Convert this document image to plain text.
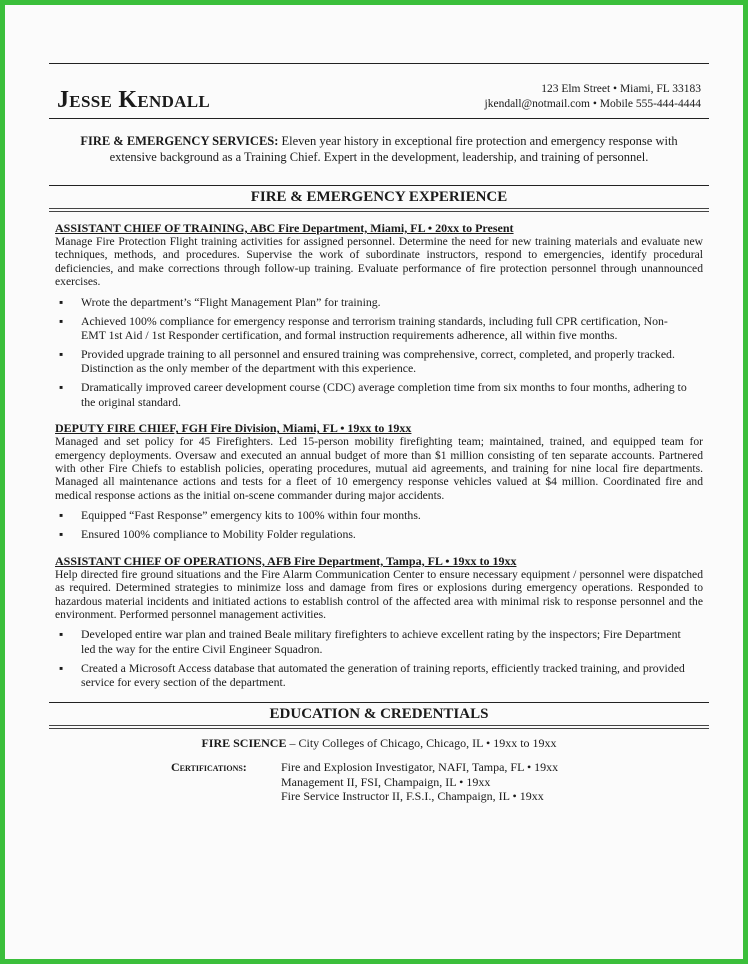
Jesse Kendall	123 Elm Street • Miami, FL 33183
jkendall@notmail.com • Mobile 555-444-4444
FIRE & EMERGENCY SERVICES: Eleven year history in exceptional fire protection and emergency response with extensive background as a Training Chief. Expert in the development, leadership, and training of personnel.
FIRE & EMERGENCY EXPERIENCE
ASSISTANT CHIEF OF TRAINING, ABC Fire Department, Miami, FL • 20xx to Present
Manage Fire Protection Flight training activities for assigned personnel. Determine the need for new training materials and evaluate new techniques, methods, and procedures. Supervise the work of subordinate instructors, respond to emergencies, identify procedural deficiencies, and make corrections through follow-up training. Evaluate performance of fire protection personnel through unannounced exercises.
▪ Wrote the department’s “Flight Management Plan” for training.
▪ Achieved 100% compliance for emergency response and terrorism training standards, including full CPR certification, Non-EMT 1st Aid / 1st Responder certification, and formal instruction requirements adherence, all within five months.
▪ Provided upgrade training to all personnel and ensured training was comprehensive, correct, completed, and properly tracked. Distinction as the only member of the department with this experience.
▪ Dramatically improved career development course (CDC) average completion time from six months to four months, adhering to the original standard.
DEPUTY FIRE CHIEF, FGH Fire Division, Miami, FL • 19xx to 19xx
Managed and set policy for 45 Firefighters. Led 15-person mobility firefighting team; maintained, trained, and equipped team for emergency deployments. Oversaw and executed an annual budget of more than $1 million consisting of ten separate accounts. Partnered with other Fire Chiefs to establish policies, operating procedures, mutual aid agreements, and training for nine local fire departments. Managed all maintenance actions and tests for a fleet of 10 emergency response vehicles valued at $4 million. Coordinated fire and medical response actions as the initial on-scene commander during major accidents.
▪ Equipped “Fast Response” emergency kits to 100% within four months.
▪ Ensured 100% compliance to Mobility Folder regulations.
ASSISTANT CHIEF OF OPERATIONS, AFB Fire Department, Tampa, FL • 19xx to 19xx
Help directed fire ground situations and the Fire Alarm Communication Center to ensure necessary equipment / personnel were dispatched as required. Determined strategies to minimize loss and damage from fires or explosions during emergency operations. Responded to hazardous material incidents and initiated actions to establish control of the affected area with minimal risk to response personnel and the environment. Performed personnel management activities.
▪ Developed entire war plan and trained Beale military firefighters to achieve excellent rating by the inspectors; Fire Department led the way for the entire Civil Engineer Squadron.
▪ Created a Microsoft Access database that automated the generation of training reports, efficiently tracked training, and provided service for every section of the department.
EDUCATION & CREDENTIALS
FIRE SCIENCE – City Colleges of Chicago, Chicago, IL • 19xx to 19xx
Certifications:	Fire and Explosion Investigator, NAFI, Tampa, FL • 19xx
Management II, FSI, Champaign, IL • 19xx
Fire Service Instructor II, F.S.I., Champaign, IL • 19xx
